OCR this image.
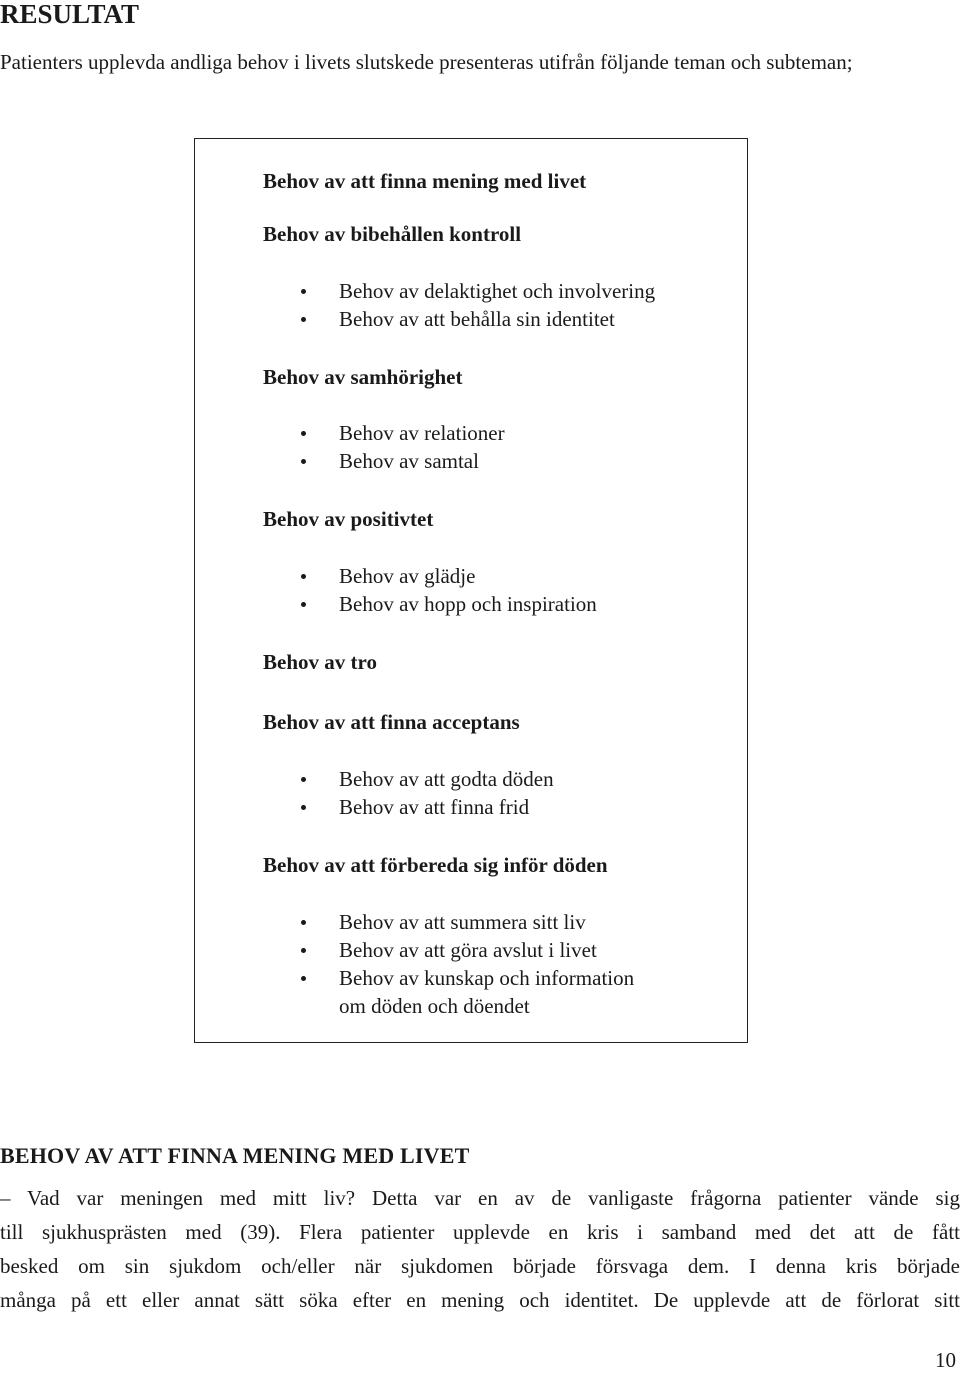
RESULTAT

Patienters upplevda andliga behov i livets slutskede presenteras utifrån följande teman och subteman;

Behov av att finna mening med livet

Behov av bibehållen kontroll

Behov av delaktighet och involvering

Behov av att behålla sin identitet

Behov av samhörighet

Behov av relationer

Behov av samtal

Behov av positivtet

Behov av glädje

Behov av hopp och inspiration

Behov av tro

Behov av att finna acceptans

Behov av att godta döden

Behov av att finna frid

Behov av att förbereda sig inför döden

Behov av att summera sitt liv

Behov av att göra avslut i livet

Behov av kunskap och information

om döden och döendet

BEHOV AV ATT FINNA MENING MED LIVET

– Vad var meningen med mitt liv? Detta var en av de vanligaste frågorna patienter vände sig

till sjukhusprästen med (39). Flera patienter upplevde en kris i samband med det att de fått

besked om sin sjukdom och/eller när sjukdomen började försvaga dem. I denna kris började

många på ett eller annat sätt söka efter en mening och identitet. De upplevde att de förlorat sitt

10
